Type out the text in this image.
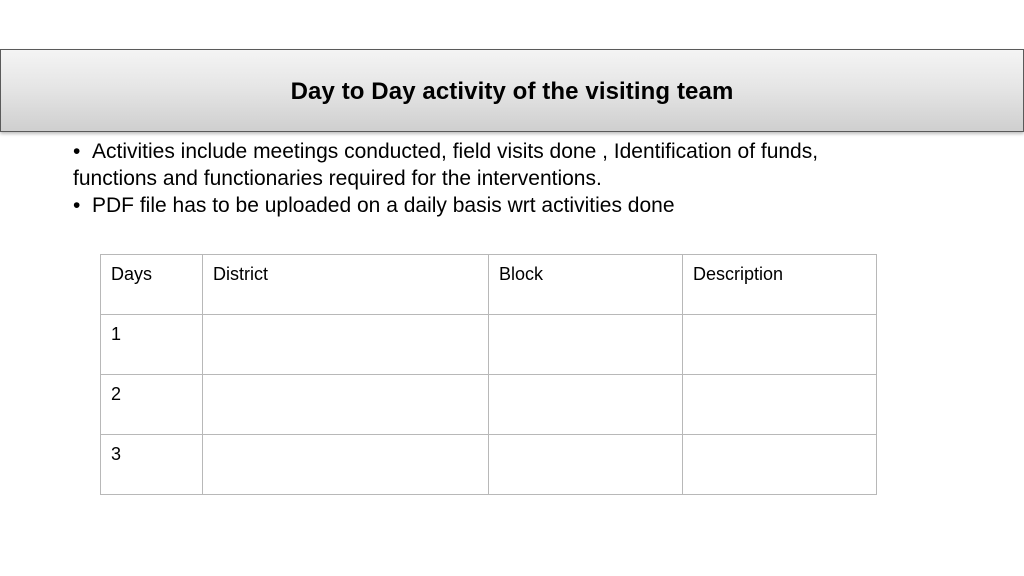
Day to Day activity of the visiting team

• Activities include meetings conducted, field visits done , Identification of funds,

functions and functionaries required for the interventions.

• PDF file has to be uploaded on a daily basis wrt activities done

Days	District	Block	Description
1			
2			
3			
